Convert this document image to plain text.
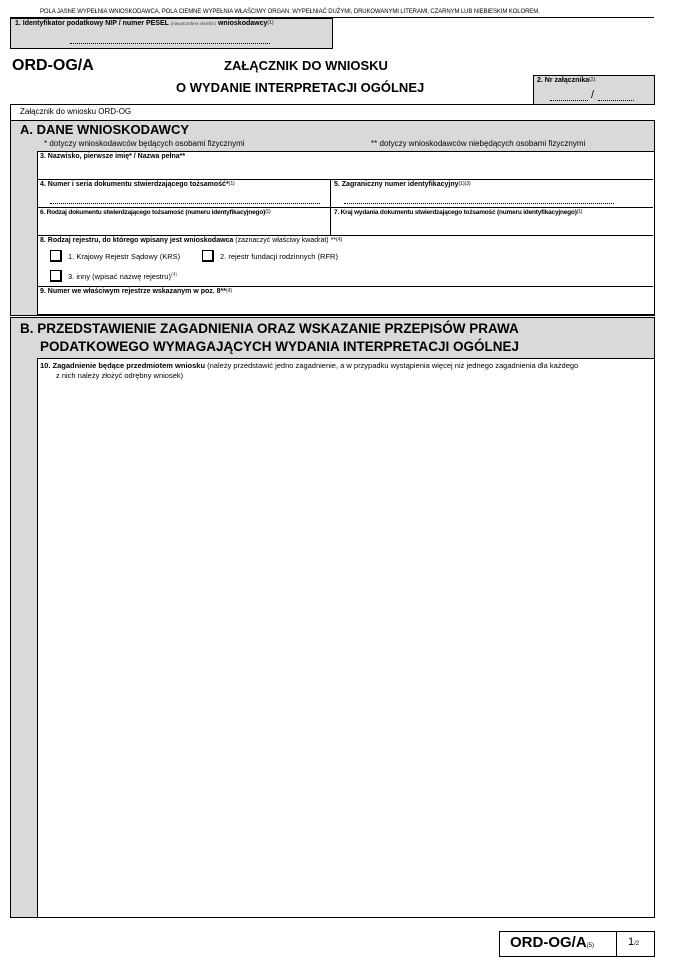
POLA JASNE WYPEŁNIA WNIOSKODAWCA, POLA CIEMNE WYPEŁNIA WŁAŚCIWY ORGAN. WYPEŁNIAĆ DUŻYMI, DRUKOWANYMI LITERAMI, CZARNYM LUB NIEBIESKIM KOLOREM.
1. Identyfikator podatkowy NIP / numer PESEL (niepotrzebne skreślić) wnioskodawcy$^{(1)}$
ORD-OG/A	ZAŁĄCZNIK DO WNIOSKU
O WYDANIE INTERPRETACJI OGÓLNEJ	2. Nr załącznika$^{(2)}$
/
Załącznik do wniosku ORD-OG
A. DANE WNIOSKODAWCY
* dotyczy wnioskodawców będących osobami fizycznymi	** dotyczy wnioskodawców niebędących osobami fizycznymi
3. Nazwisko, pierwsze imię* / Nazwa pełna**
4. Numer i seria dokumentu stwierdzającego tożsamość*$^{(1)}$	5. Zagraniczny numer identyfikacyjny$^{(1)(3)}$
6. Rodzaj dokumentu stwierdzającego tożsamość (numeru identyfikacyjnego)$^{(1)}$	7. Kraj wydania dokumentu stwierdzającego tożsamość (numeru identyfikacyjnego)$^{(1)}$
8. Rodzaj rejestru, do którego wpisany jest wnioskodawca (zaznaczyć właściwy kwadrat) **$^{(4)}$
1. Krajowy Rejestr Sądowy (KRS)	2. rejestr fundacji rodzinnych (RFR)
3. inny (wpisać nazwę rejestru)$^{(4)}$
9. Numer we właściwym rejestrze wskazanym w poz. 8**$^{(4)}$
B. PRZEDSTAWIENIE ZAGADNIENIA ORAZ WSKAZANIE PRZEPISÓW PRAWA
PODATKOWEGO WYMAGAJĄCYCH WYDANIA INTERPRETACJI OGÓLNEJ
10. Zagadnienie będące przedmiotem wniosku (należy przedstawić jedno zagadnienie, a w przypadku wystąpienia więcej niż jednego zagadnienia dla każdego
z nich należy złożyć odrębny wniosek)
ORD-OG/A(5)	1/2
